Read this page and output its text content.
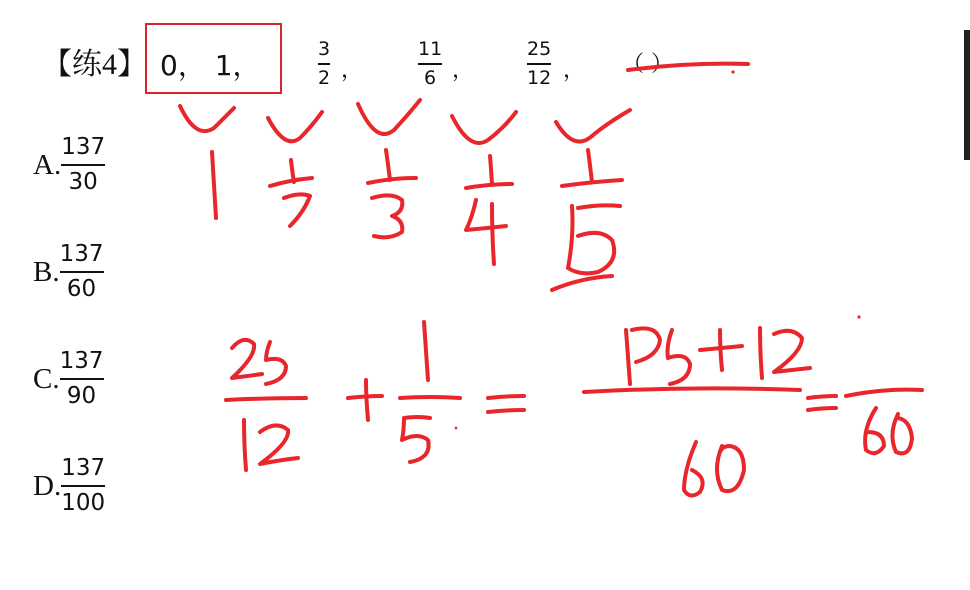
【练4】 0， 1，	$\frac{3}{2}$ ，	$\frac{11}{6}$ ，	$\frac{25}{12}$ ， （ ）
A. $\frac{137}{30}$
B. $\frac{137}{60}$
C. $\frac{137}{90}$
D. $\frac{137}{100}$
